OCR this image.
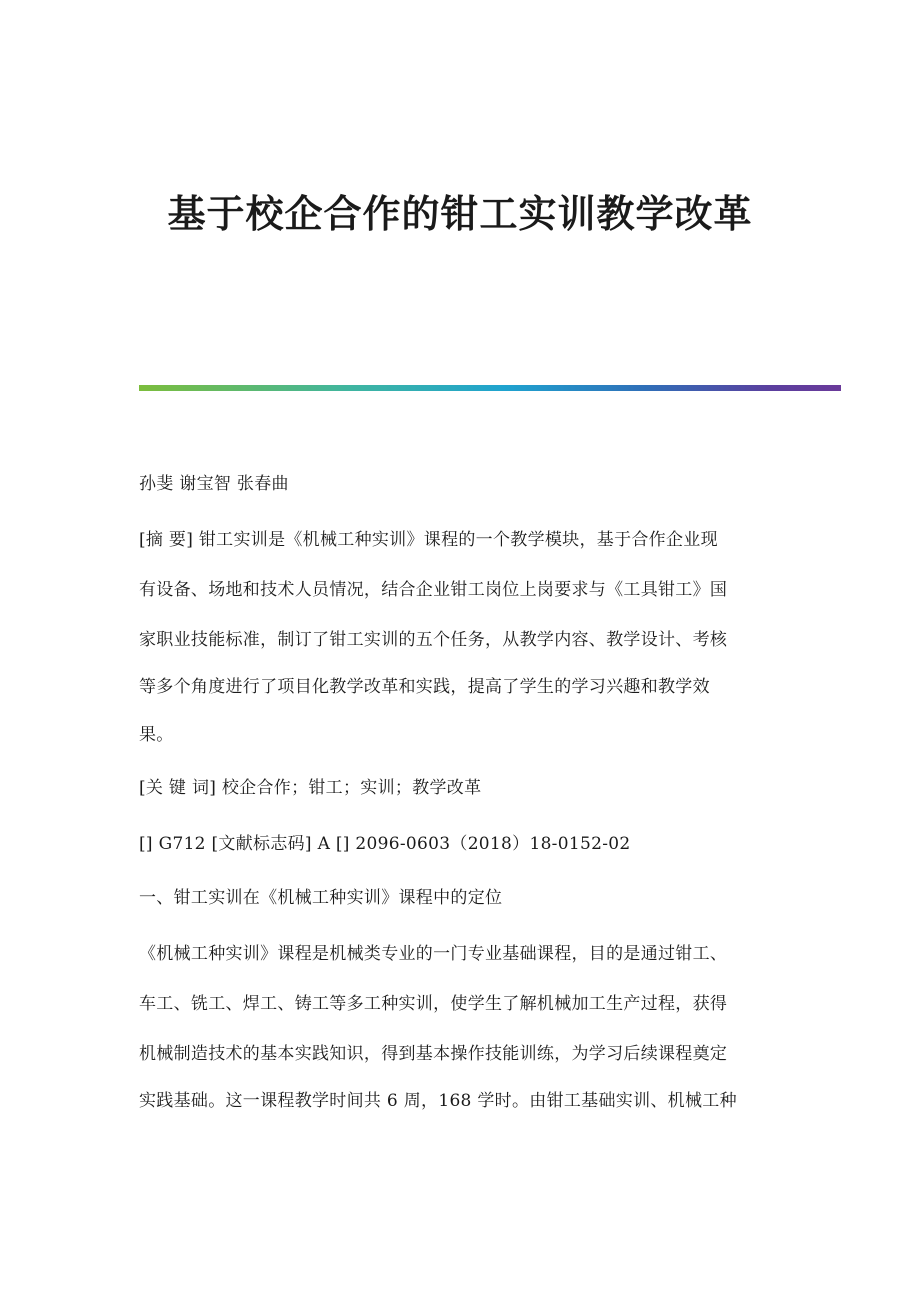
基于校企合作的钳工实训教学改革
孙斐 谢宝智 张春曲
[摘 要] 钳工实训是《机械工种实训》课程的一个教学模块，基于合作企业现
有设备、场地和技术人员情况，结合企业钳工岗位上岗要求与《工具钳工》国
家职业技能标准，制订了钳工实训的五个任务，从教学内容、教学设计、考核
等多个角度进行了项目化教学改革和实践，提高了学生的学习兴趣和教学效
果。
[关 键 词] 校企合作；钳工；实训；教学改革
[] G712 [文献标志码] A [] 2096-0603（2018）18-0152-02
一、钳工实训在《机械工种实训》课程中的定位
《机械工种实训》课程是机械类专业的一门专业基础课程，目的是通过钳工、
车工、铣工、焊工、铸工等多工种实训，使学生了解机械加工生产过程，获得
机械制造技术的基本实践知识，得到基本操作技能训练，为学习后续课程奠定
实践基础。这一课程教学时间共 6 周，168 学时。由钳工基础实训、机械工种
